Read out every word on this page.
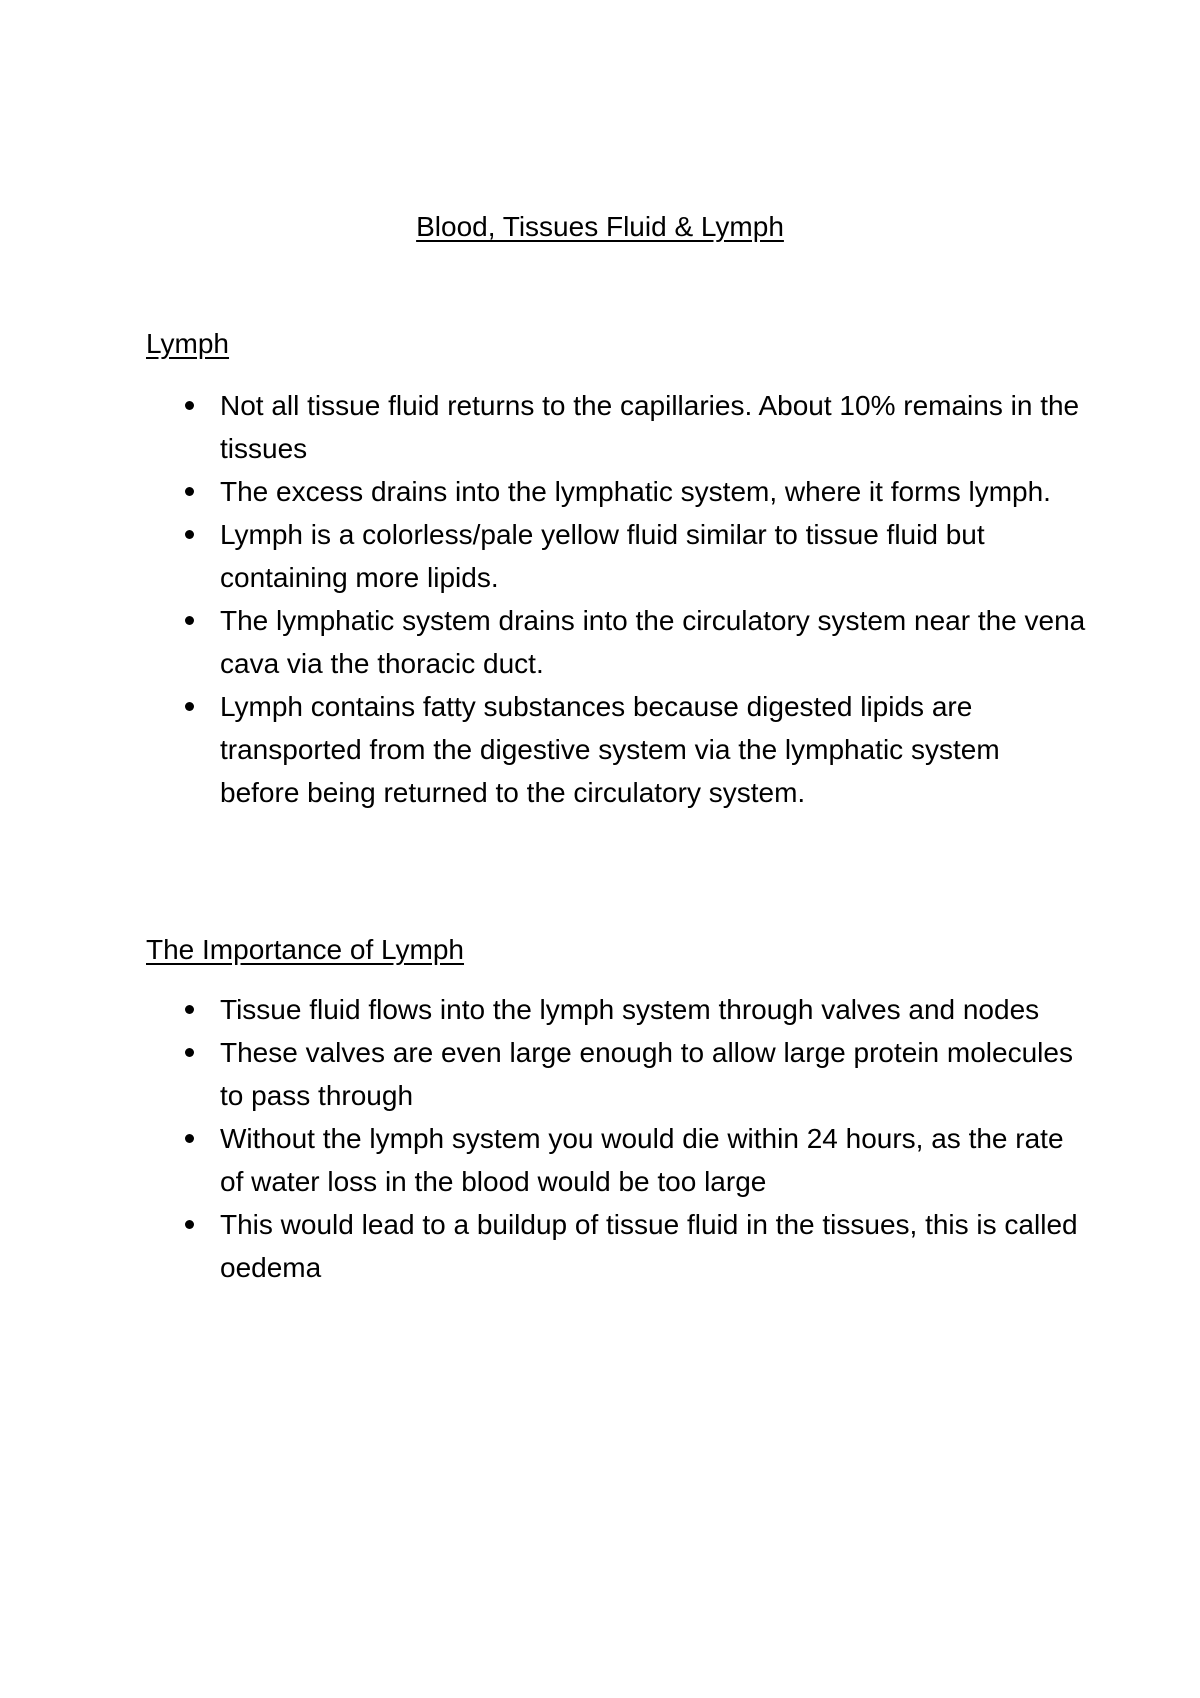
Blood, Tissues Fluid & Lymph
Lymph
Not all tissue fluid returns to the capillaries. About 10% remains in the tissues
The excess drains into the lymphatic system, where it forms lymph.
Lymph is a colorless/pale yellow fluid similar to tissue fluid but containing more lipids.
The lymphatic system drains into the circulatory system near the vena cava via the thoracic duct.
Lymph contains fatty substances because digested lipids are transported from the digestive system via the lymphatic system before being returned to the circulatory system.
The Importance of Lymph
Tissue fluid flows into the lymph system through valves and nodes
These valves are even large enough to allow large protein molecules to pass through
Without the lymph system you would die within 24 hours, as the rate of water loss in the blood would be too large
This would lead to a buildup of tissue fluid in the tissues, this is called oedema
